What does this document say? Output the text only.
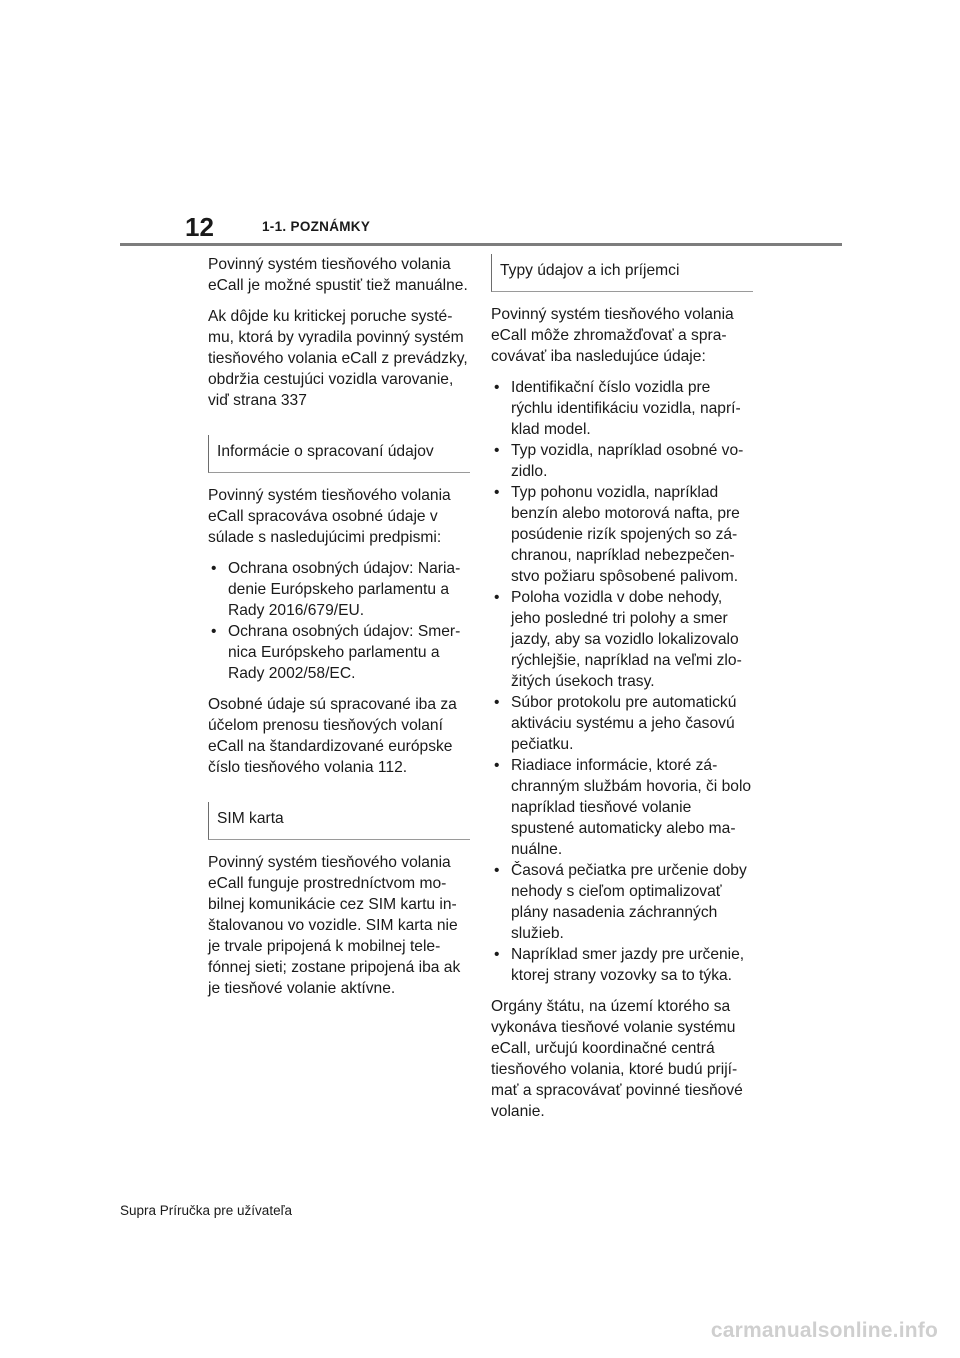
12	1-1. POZNÁMKY

Povinný systém tiesňového volania eCall je možné spustiť tiež manuálne.

Ak dôjde ku kritickej poruche systému, ktorá by vyradila povinný systém tiesňového volania eCall z prevádzky, obdržia cestujúci vozidla varovanie, viď strana 337

Informácie o spracovaní údajov

Povinný systém tiesňového volania eCall spracováva osobné údaje v súlade s nasledujúcimi predpismi:

• Ochrana osobných údajov: Nariadenie Európskeho parlamentu a Rady 2016/679/EU.
• Ochrana osobných údajov: Smernica Európskeho parlamentu a Rady 2002/58/EC.

Osobné údaje sú spracované iba za účelom prenosu tiesňových volaní eCall na štandardizované európske číslo tiesňového volania 112.

SIM karta

Povinný systém tiesňového volania eCall funguje prostredníctvom mobilnej komunikácie cez SIM kartu inštalovanou vo vozidle. SIM karta nie je trvale pripojená k mobilnej telefónnej sieti; zostane pripojená iba ak je tiesňové volanie aktívne.

Typy údajov a ich príjemci

Povinný systém tiesňového volania eCall môže zhromažďovať a spracovávať iba nasledujúce údaje:

• Identifikační číslo vozidla pre rýchlu identifikáciu vozidla, napríklad model.
• Typ vozidla, napríklad osobné vozidlo.
• Typ pohonu vozidla, napríklad benzín alebo motorová nafta, pre posúdenie rizík spojených so záchranou, napríklad nebezpečenstvo požiaru spôsobené palivom.
• Poloha vozidla v dobe nehody, jeho posledné tri polohy a smer jazdy, aby sa vozidlo lokalizovalo rýchlejšie, napríklad na veľmi zložitých úsekoch trasy.
• Súbor protokolu pre automatickú aktiváciu systému a jeho časovú pečiatku.
• Riadiace informácie, ktoré záchranným službám hovoria, či bolo napríklad tiesňové volanie spustené automaticky alebo manuálne.
• Časová pečiatka pre určenie doby nehody s cieľom optimalizovať plány nasadenia záchranných služieb.
• Napríklad smer jazdy pre určenie, ktorej strany vozovky sa to týka.

Orgány štátu, na území ktorého sa vykonáva tiesňové volanie systému eCall, určujú koordinačné centrá tiesňového volania, ktoré budú prijímať a spracovávať povinné tiesňové volanie.

Supra Príručka pre užívateľa
carmanualsonline.info
